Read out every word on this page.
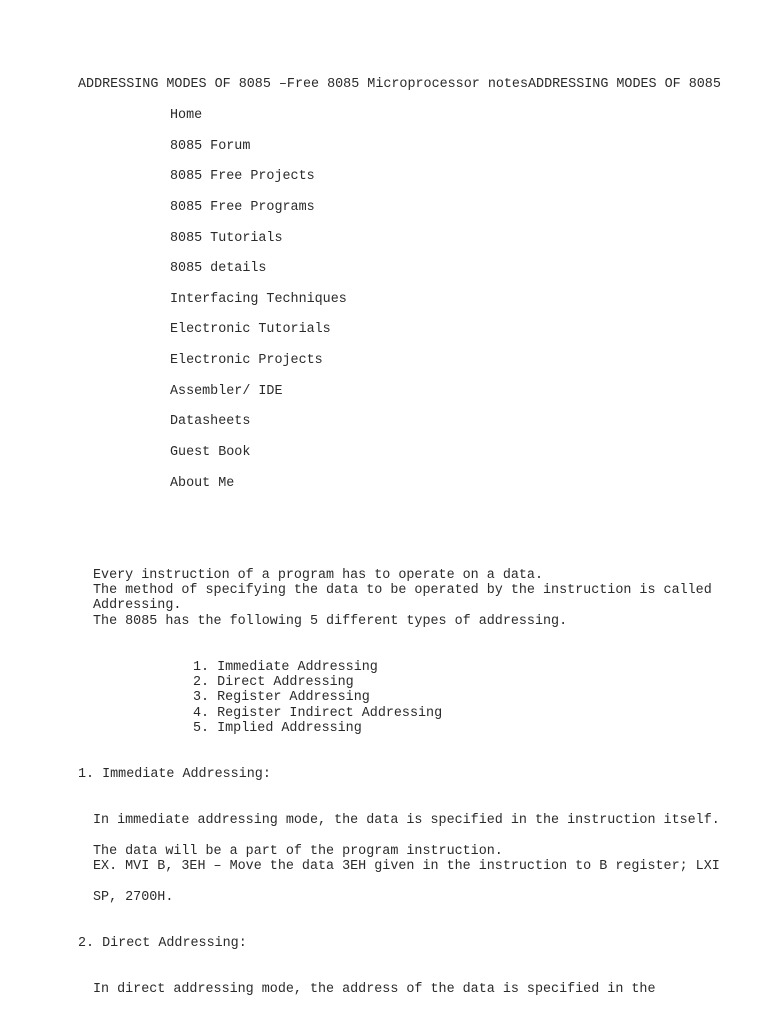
ADDRESSING MODES OF 8085 –Free 8085 Microprocessor notesADDRESSING MODES OF 8085
Home
8085 Forum
8085 Free Projects
8085 Free Programs
8085 Tutorials
8085 details
Interfacing Techniques
Electronic Tutorials
Electronic Projects
Assembler/ IDE
Datasheets
Guest Book
About Me
Every instruction of a program has to operate on a data.
The method of specifying the data to be operated by the instruction is called
Addressing.
The 8085 has the following 5 different types of addressing.
1. Immediate Addressing
2. Direct Addressing
3. Register Addressing
4. Register Indirect Addressing
5. Implied Addressing
1. Immediate Addressing:
In immediate addressing mode, the data is specified in the instruction itself.
The data will be a part of the program instruction.
EX. MVI B, 3EH – Move the data 3EH given in the instruction to B register; LXI
SP, 2700H.
2. Direct Addressing:
In direct addressing mode, the address of the data is specified in the
